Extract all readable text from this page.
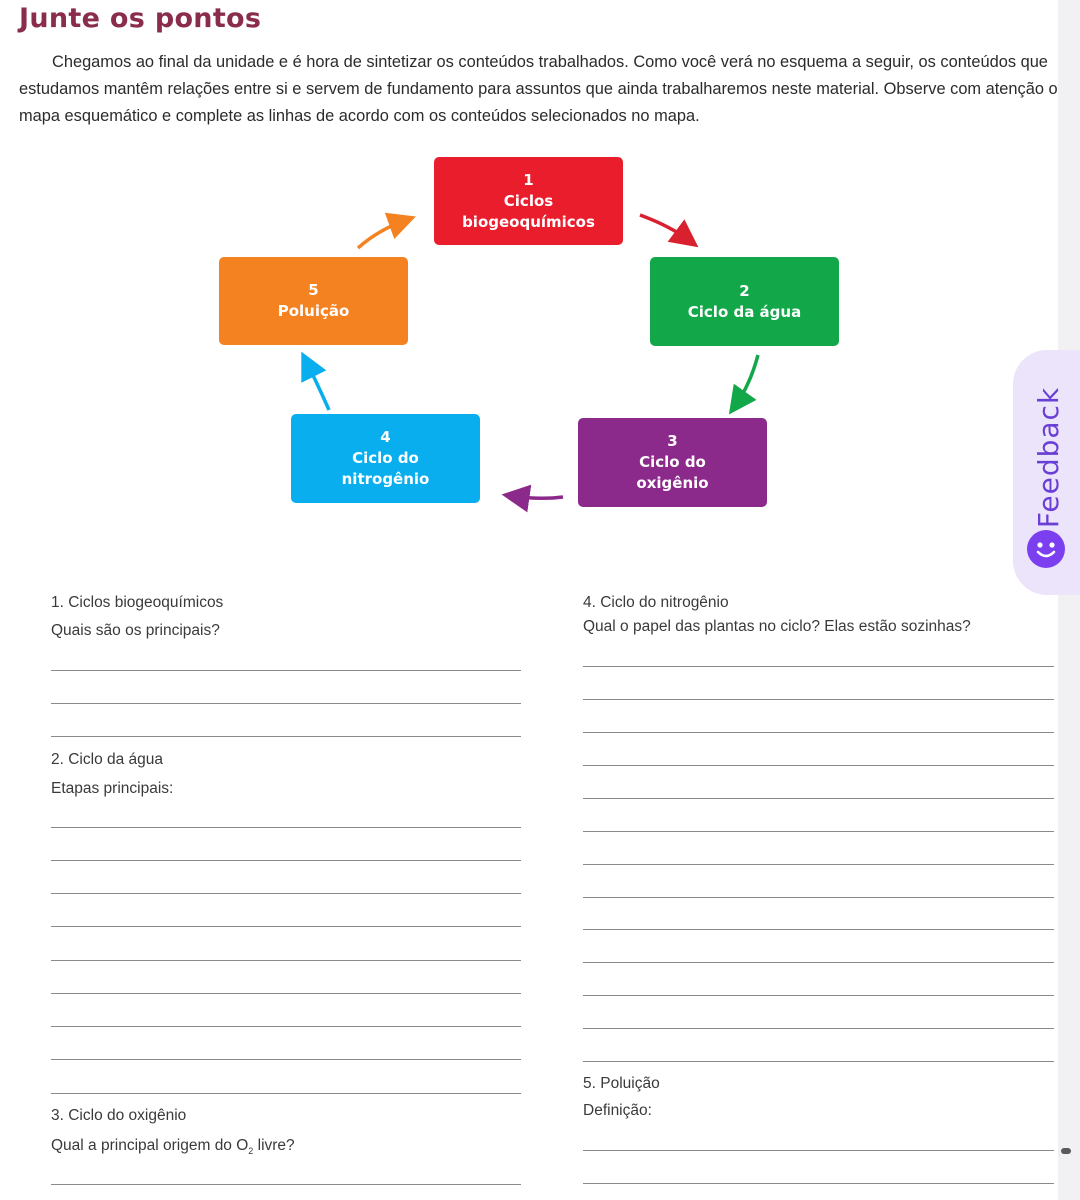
Junte os pontos
Chegamos ao final da unidade e é hora de sintetizar os conteúdos trabalhados. Como você verá no esquema a seguir, os conteúdos que estudamos mantêm relações entre si e servem de fundamento para assuntos que ainda trabalharemos neste material. Observe com atenção o mapa esquemático e complete as linhas de acordo com os conteúdos selecionados no mapa.
1
Ciclos
biogeoquímicos
2
Ciclo da água
3
Ciclo do
oxigênio
4
Ciclo do
nitrogênio
5
Poluição
1. Ciclos biogeoquímicos
Quais são os principais?
2. Ciclo da água
Etapas principais:
3. Ciclo do oxigênio
Qual a principal origem do $O_2$ livre?
4. Ciclo do nitrogênio
Qual o papel das plantas no ciclo? Elas estão sozinhas?
5. Poluição
Definição:
Feedback
